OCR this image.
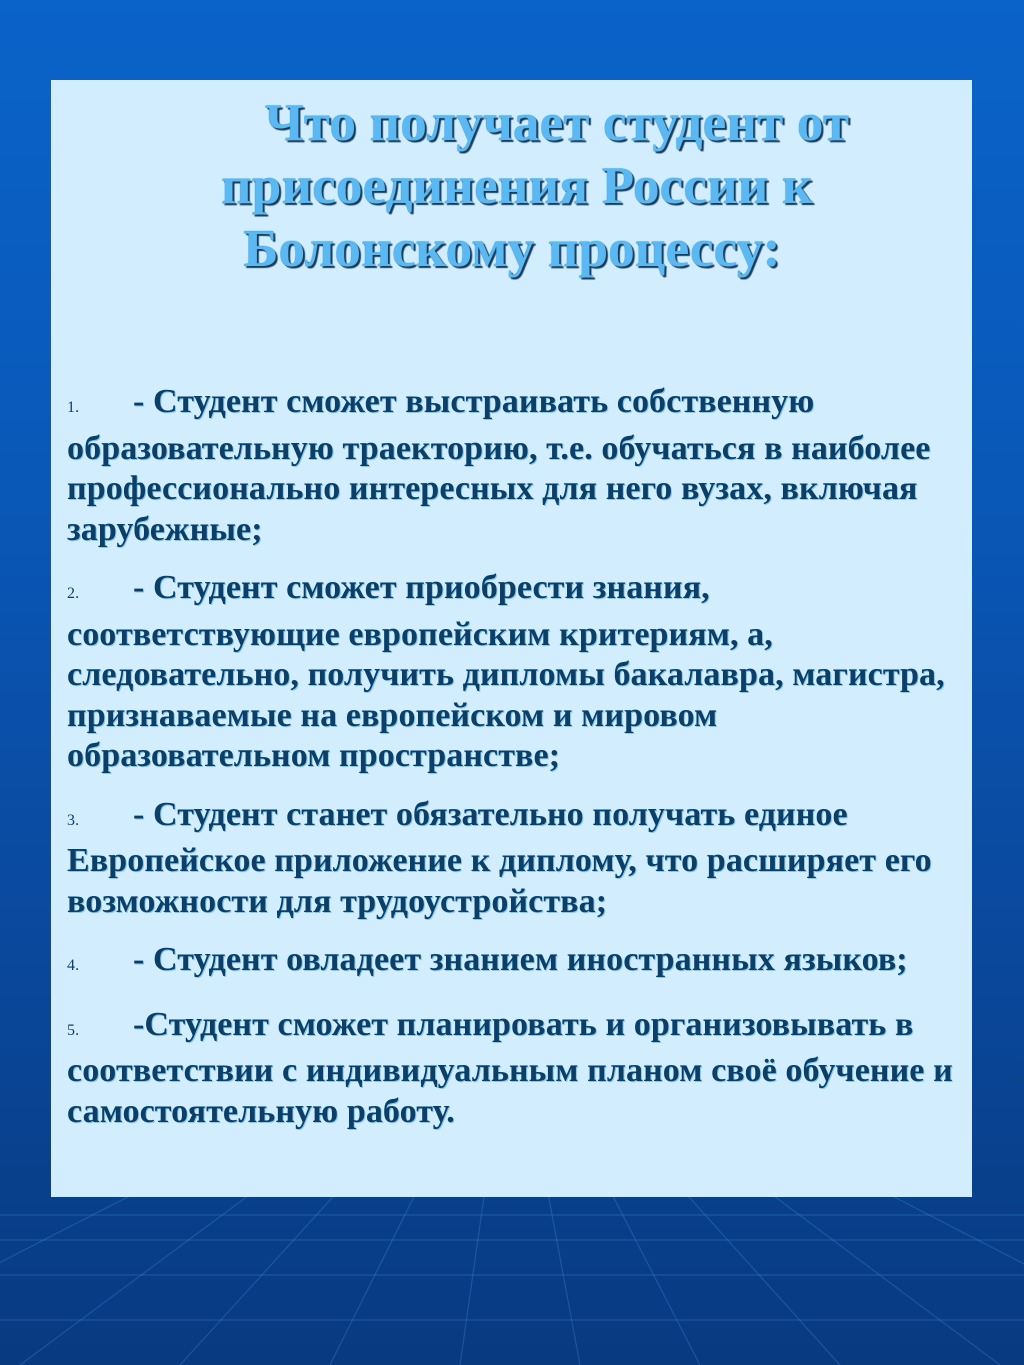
Что получает студент от
присоединения России к
Болонскому процессу:
1. - Студент сможет выстраивать собственную образовательную траекторию, т.е. обучаться в наиболее профессионально интересных для него вузах, включая зарубежные;
2. - Студент сможет приобрести знания, соответствующие европейским критериям, а, следовательно, получить дипломы бакалавра, магистра, признаваемые на европейском и мировом образовательном пространстве;
3. - Студент станет обязательно получать единое Европейское приложение к диплому, что расширяет его возможности для трудоустройства;
4. - Студент овладеет знанием иностранных языков;
5. -Студент сможет планировать и организовывать в соответствии с индивидуальным планом своё обучение и самостоятельную работу.
